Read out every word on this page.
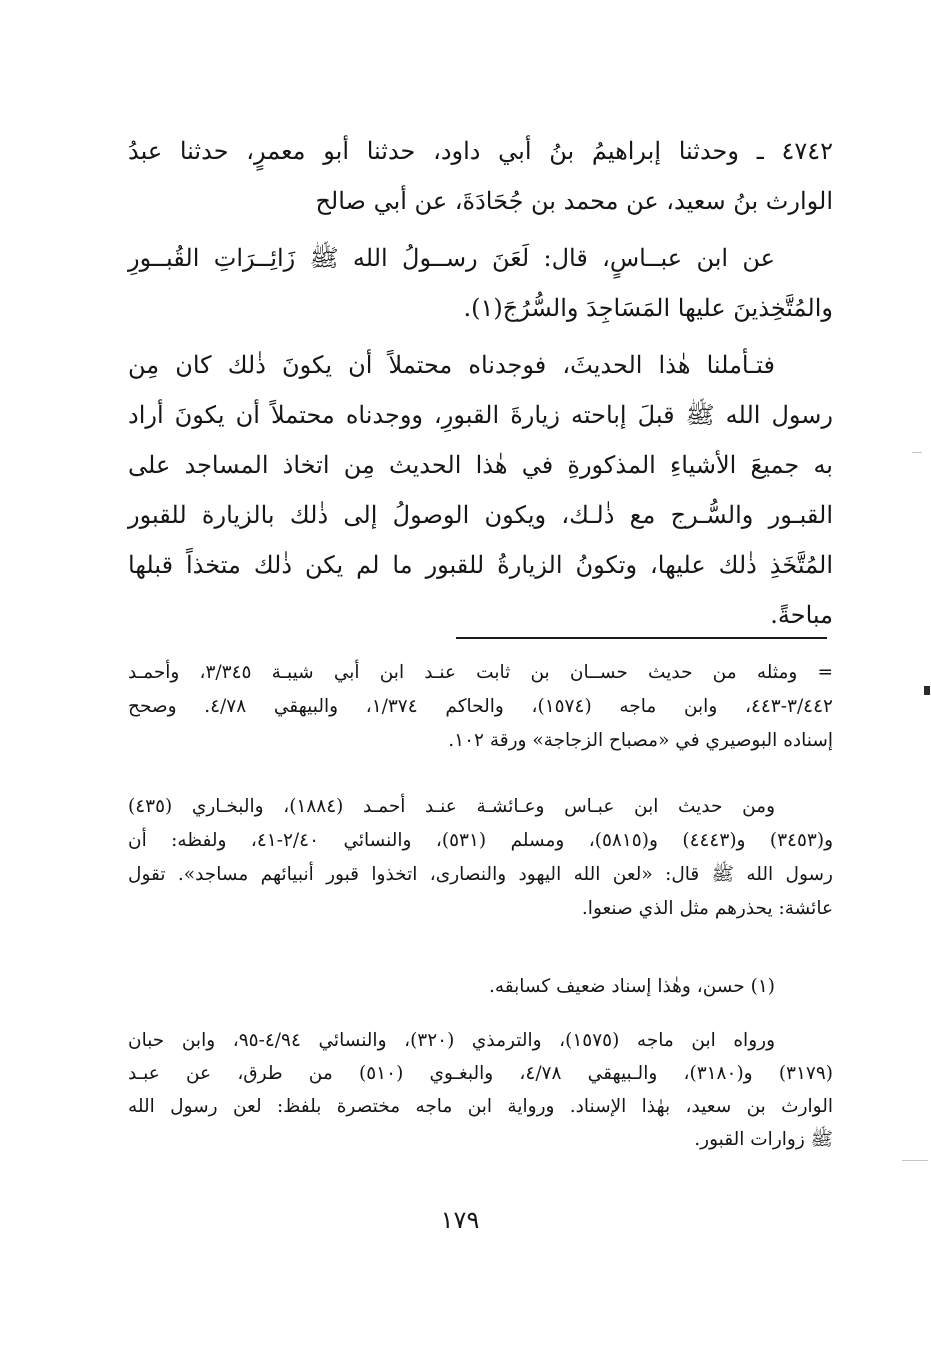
٤٧٤٢ ـ وحدثنا إبراهيمُ بنُ أبي داود، حدثنا أبو معمرٍ، حدثنا عبدُ
الوارث بنُ سعيد، عن محمد بن جُحَادَةَ، عن أبي صالح
عن ابن عبــاسٍ، قال: لَعَنَ رســولُ الله ﷺ زَائِــرَاتِ القُبــورِ
والمُتَّخِذينَ عليها المَسَاجِدَ والسُّرُجَ(١).
فتـأملنا هٰذا الحديثَ، فوجدناه محتملاً أن يكونَ ذٰلك كان مِن
رسول الله ﷺ قبلَ إباحته زيارةَ القبورِ، ووجدناه محتملاً أن يكونَ أراد
به جميعَ الأشياءِ المذكورةِ في هٰذا الحديث مِن اتخاذ المساجد على
القبـور والسُّـرج مع ذٰلـك، ويكون الوصولُ إلى ذٰلك بالزيارة للقبور
المُتَّخَذِ ذٰلك عليها، وتكونُ الزيارةُ للقبور ما لم يكن ذٰلك متخذاً قبلها
مباحةً.
= ومثله من حديث حســان بن ثابت عنـد ابن أبي شيبـة ٣/٣٤٥، وأحمـد
٣/٤٤٢-٤٤٣، وابن ماجه (١٥٧٤)، والحاكم ١/٣٧٤، والبيهقي ٤/٧٨. وصحح
إسناده البوصيري في «مصباح الزجاجة» ورقة ١٠٢.
ومن حديث ابن عبـاس وعـائشـة عنـد أحمـد (١٨٨٤)، والبخـاري (٤٣٥)
و(٣٤٥٣) و(٤٤٤٣) و(٥٨١٥)، ومسلم (٥٣١)، والنسائي ٢/٤٠-٤١، ولفظه: أن
رسول الله ﷺ قال: «لعن الله اليهود والنصارى، اتخذوا قبور أنبيائهم مساجد». تقول
عائشة: يحذرهم مثل الذي صنعوا.
(١) حسن، وهٰذا إسناد ضعيف كسابقه.
ورواه ابن ماجه (١٥٧٥)، والترمذي (٣٢٠)، والنسائي ٤/٩٤-٩٥، وابن حبان
(٣١٧٩) و(٣١٨٠)، والـبيهقي ٤/٧٨، والبغـوي (٥١٠) من طرق، عن عبـد
الوارث بن سعيد، بهٰذا الإسناد. ورواية ابن ماجه مختصرة بلفظ: لعن رسول الله
ﷺ زوارات القبور.
١٧٩
